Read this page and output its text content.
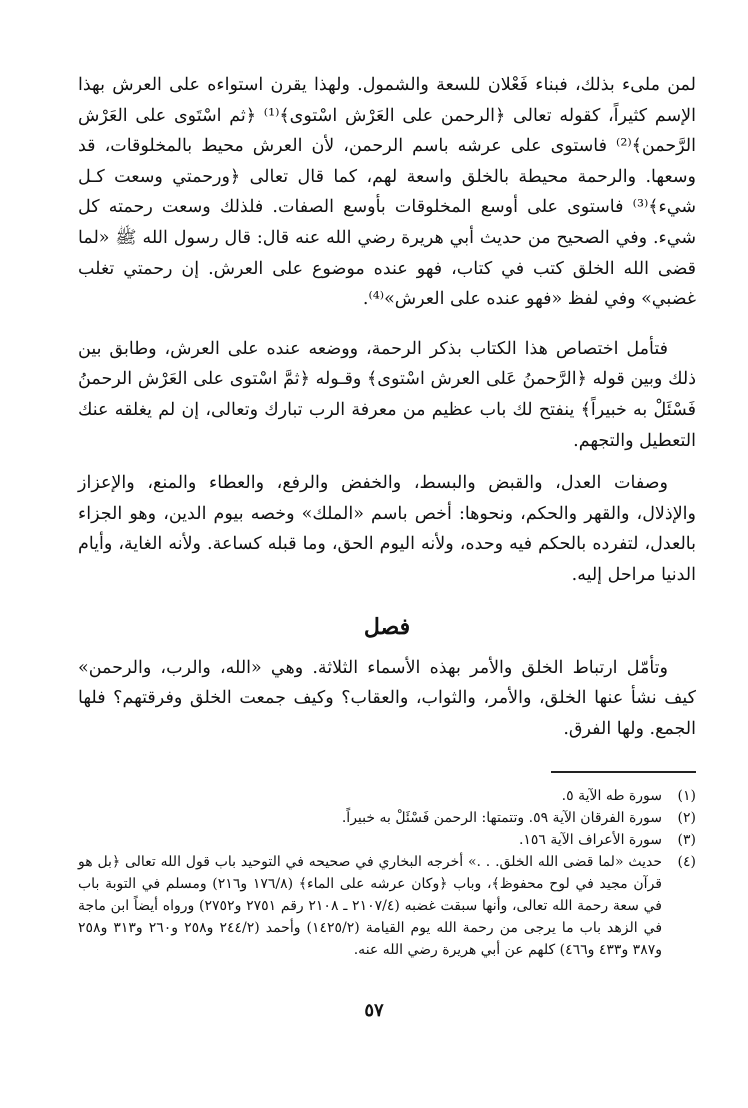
لمن ملىء بذلك، فبناء فَعْلان للسعة والشمول. ولهذا يقرن استواءه على العرش بهذا الإسم كثيراً، كقوله تعالى ﴿الرحمن على العَرْش اسْتوى﴾⁽¹⁾ ﴿ثم اسْتَوى على العَرْش الرَّحمن﴾⁽²⁾ فاستوى على عرشه باسم الرحمن، لأن العرش محيط بالمخلوقات، قد وسعها. والرحمة محيطة بالخلق واسعة لهم، كما قال تعالى ﴿ورحمتي وسعت كـل شيء﴾⁽³⁾ فاستوى على أوسع المخلوقات بأوسع الصفات. فلذلك وسعت رحمته كل شيء. وفي الصحيح من حديث أبي هريرة رضي الله عنه قال: قال رسول الله ﷺ «لما قضى الله الخلق كتب في كتاب، فهو عنده موضوع على العرش. إن رحمتي تغلب غضبي» وفي لفظ «فهو عنده على العرش»⁽⁴⁾.

فتأمل اختصاص هذا الكتاب بذكر الرحمة، ووضعه عنده على العرش، وطابق بين ذلك وبين قوله ﴿الرَّحمنُ عَلى العرش اسْتوى﴾ وقـوله ﴿ثمَّ اسْتوى على العَرْش الرحمنُ فَسْئَلْ به خبيراً﴾ ينفتح لك باب عظيم من معرفة الرب تبارك وتعالى، إن لم يغلقه عنك التعطيل والتجهم.

وصفات العدل، والقبض والبسط، والخفض والرفع، والعطاء والمنع، والإعزاز والإذلال، والقهر والحكم، ونحوها: أخص باسم «الملك» وخصه بيوم الدين، وهو الجزاء بالعدل، لتفرده بالحكم فيه وحده، ولأنه اليوم الحق، وما قبله كساعة. ولأنه الغاية، وأيام الدنيا مراحل إليه.

فصل

وتأمّل ارتباط الخلق والأمر بهذه الأسماء الثلاثة. وهي «الله، والرب، والرحمن» كيف نشأ عنها الخلق، والأمر، والثواب، والعقاب؟ وكيف جمعت الخلق وفرقتهم؟ فلها الجمع. ولها الفرق.

(١)
سورة طه الآية ٥.
(٢)
سورة الفرقان الآية ٥٩. وتتمتها: الرحمن فَسْئَلْ به خبيراً.
(٣)
سورة الأعراف الآية ١٥٦.
(٤)
حديث «لما قضى الله الخلق. . .» أخرجه البخاري في صحيحه في التوحيد باب قول الله تعالى ﴿بل هو قرآن مجيد في لوح محفوظ﴾، وباب ﴿وكان عرشه على الماء﴾ (١٧٦/٨ و٢١٦) ومسلم في التوبة باب في سعة رحمة الله تعالى، وأنها سبقت غضبه (٢١٠٧/٤ ـ ٢١٠٨ رقم ٢٧٥١ و٢٧٥٢) ورواه أيضاً ابن ماجة في الزهد باب ما يرجى من رحمة الله يوم القيامة (١٤٢٥/٢) وأحمد (٢٤٤/٢ و٢٥٨ و٢٦٠ و٣١٣ و٢٥٨ و٣٨٧ و٤٣٣ و٤٦٦) كلهم عن أبي هريرة رضي الله عنه.
٥٧
